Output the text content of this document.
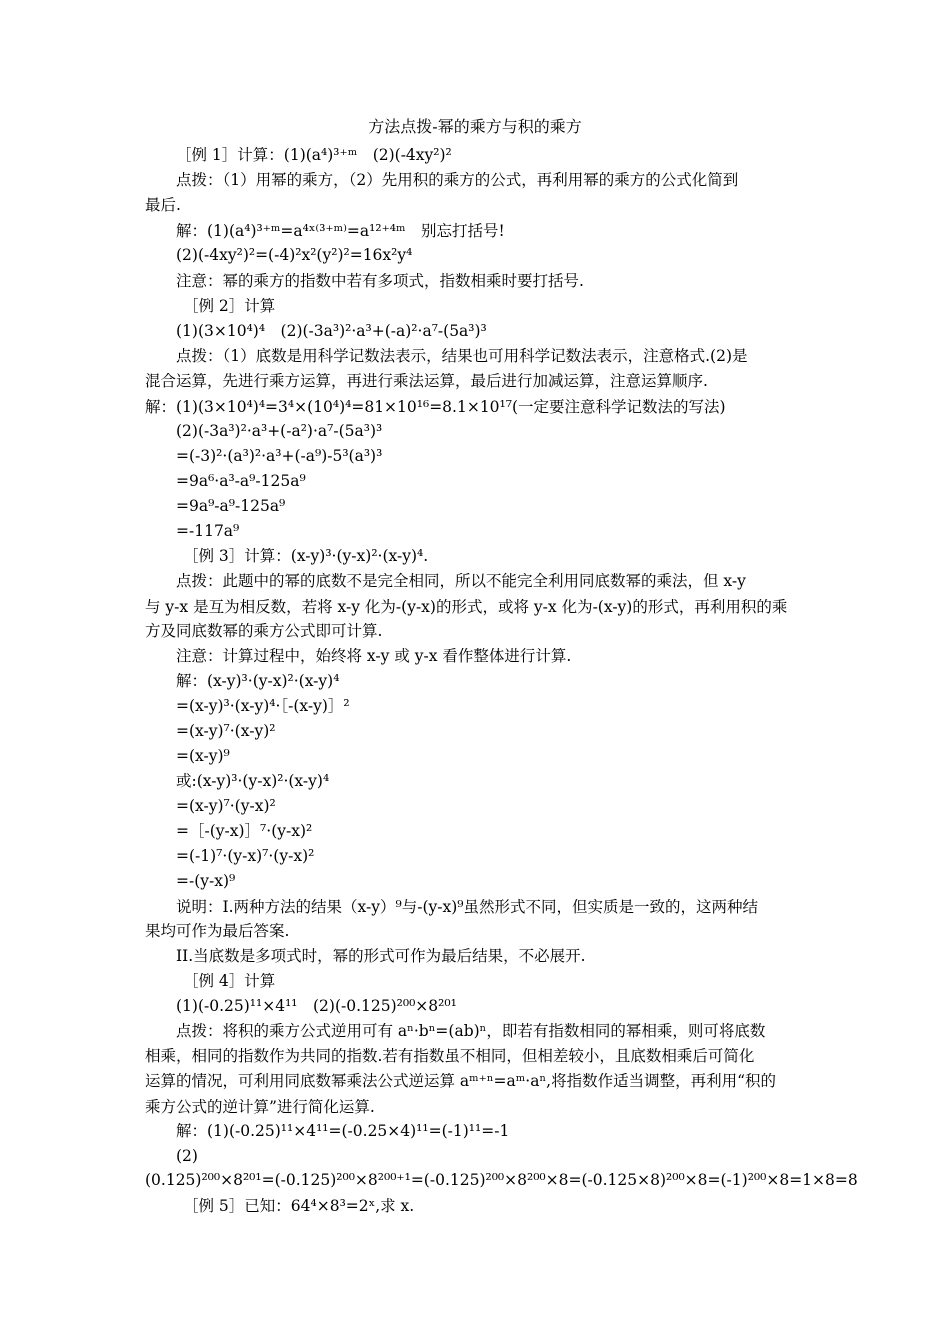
方法点拨-幂的乘方与积的乘方
［例 1］计算：(1)(a⁴)³⁺ᵐ　(2)(-4xy²)²
点拨：（1）用幂的乘方，（2）先用积的乘方的公式，再利用幂的乘方的公式化简到
最后.
解：(1)(a⁴)³⁺ᵐ=a⁴ˣ⁽³⁺ᵐ⁾=a¹²⁺⁴ᵐ　别忘打括号!
(2)(-4xy²)²=(-4)²x²(y²)²=16x²y⁴
注意：幂的乘方的指数中若有多项式，指数相乘时要打括号.
［例 2］计算
(1)(3×10⁴)⁴　(2)(-3a³)²·a³+(-a)²·a⁷-(5a³)³
点拨：（1）底数是用科学记数法表示，结果也可用科学记数法表示，注意格式.(2)是
混合运算，先进行乘方运算，再进行乘法运算，最后进行加减运算，注意运算顺序.
解：(1)(3×10⁴)⁴=3⁴×(10⁴)⁴=81×10¹⁶=8.1×10¹⁷(一定要注意科学记数法的写法)
(2)(-3a³)²·a³+(-a²)·a⁷-(5a³)³
=(-3)²·(a³)²·a³+(-a⁹)-5³(a³)³
=9a⁶·a³-a⁹-125a⁹
=9a⁹-a⁹-125a⁹
=-117a⁹
［例 3］计算：(x-y)³·(y-x)²·(x-y)⁴.
点拨：此题中的幂的底数不是完全相同，所以不能完全利用同底数幂的乘法，但 x-y
与 y-x 是互为相反数，若将 x-y 化为-(y-x)的形式，或将 y-x 化为-(x-y)的形式，再利用积的乘
方及同底数幂的乘方公式即可计算.
注意：计算过程中，始终将 x-y 或 y-x 看作整体进行计算.
解：(x-y)³·(y-x)²·(x-y)⁴
=(x-y)³·(x-y)⁴·［-(x-y)］²
=(x-y)⁷·(x-y)²
=(x-y)⁹
或:(x-y)³·(y-x)²·(x-y)⁴
=(x-y)⁷·(y-x)²
=［-(y-x)］⁷·(y-x)²
=(-1)⁷·(y-x)⁷·(y-x)²
=-(y-x)⁹
说明：I.两种方法的结果（x-y）⁹与-(y-x)⁹虽然形式不同，但实质是一致的，这两种结
果均可作为最后答案.
II.当底数是多项式时，幂的形式可作为最后结果，不必展开.
［例 4］计算
(1)(-0.25)¹¹×4¹¹　(2)(-0.125)²⁰⁰×8²⁰¹
点拨：将积的乘方公式逆用可有 aⁿ·bⁿ=(ab)ⁿ，即若有指数相同的幂相乘，则可将底数
相乘，相同的指数作为共同的指数.若有指数虽不相同，但相差较小，且底数相乘后可简化
运算的情况，可利用同底数幂乘法公式逆运算 aᵐ⁺ⁿ=aᵐ·aⁿ,将指数作适当调整，再利用“积的
乘方公式的逆计算”进行简化运算.
解：(1)(-0.25)¹¹×4¹¹=(-0.25×4)¹¹=(-1)¹¹=-1
(2)
(0.125)²⁰⁰×8²⁰¹=(-0.125)²⁰⁰×8²⁰⁰⁺¹=(-0.125)²⁰⁰×8²⁰⁰×8=(-0.125×8)²⁰⁰×8=(-1)²⁰⁰×8=1×8=8
［例 5］已知：64⁴×8³=2ˣ,求 x.
